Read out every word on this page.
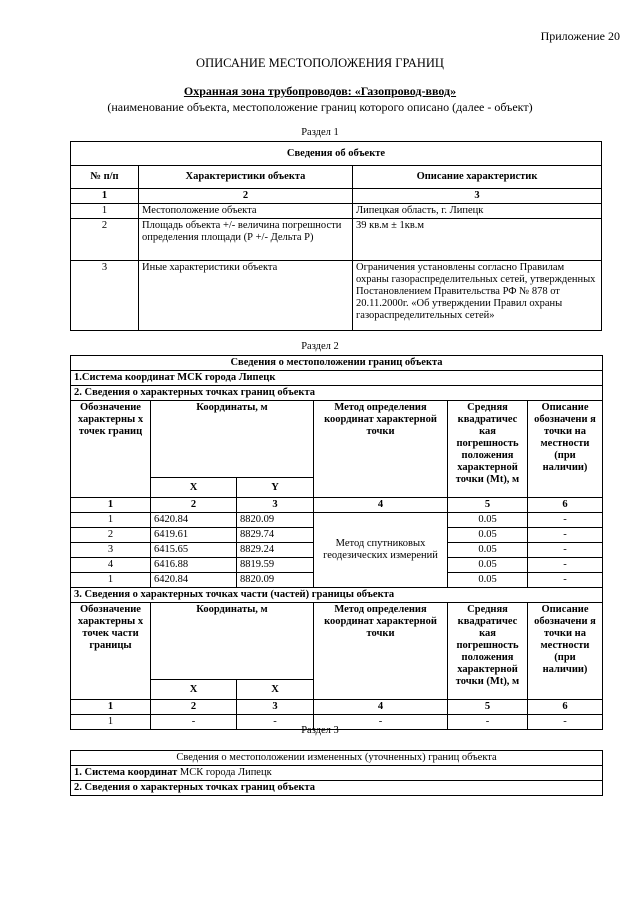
Приложение 20
ОПИСАНИЕ МЕСТОПОЛОЖЕНИЯ ГРАНИЦ
Охранная зона трубопроводов: «Газопровод-ввод»
(наименование объекта, местоположение границ которого описано (далее - объект)
Раздел 1
Сведения об объекте		
№ п/п	Характеристики объекта	Описание характеристик
1	2	3
1	Местоположение объекта	Липецкая область, г. Липецк
2	Площадь объекта +/- величина погрешности определения площади (Р +/- Дельта Р)	39 кв.м ± 1кв.м
3	Иные характеристики объекта	Ограничения установлены согласно Правилам охраны газораспределительных сетей, утвержденных Постановлением Правительства РФ № 878 от 20.11.2000г. «Об утверждении Правил охраны газораспределительных сетей»
Раздел 2
Сведения о местоположении границ объекта					
1.Система координат МСК города Липецк					
2. Сведения о характерных точках границ объекта					
Обозначение характерны х точек границ	Координаты, м		Метод определения координат характерной точки	Средняя квадратичес кая погрешность положения характерной точки (Mt), м	Описание обозначени я точки на местности (при наличии)
	X	Y			
1	2	3	4	5	6
1	6420.84	8820.09	Метод спутниковых геодезических измерений	0.05	-
2	6419.61	8829.74		0.05	-
3	6415.65	8829.24		0.05	-
4	6416.88	8819.59		0.05	-
1	6420.84	8820.09		0.05	-
3. Сведения о характерных точках части (частей) границы объекта					
Обозначение характерны х точек части границы	Координаты, м		Метод определения координат характерной точки	Средняя квадратичес кая погрешность положения характерной точки (Mt), м	Описание обозначени я точки на местности (при наличии)
	X	X			
1	2	3	4	5	6
1	-	-	-	-	-
Раздел 3
Сведения о местоположении измененных (уточненных) границ объекта
1. Система координат МСК города Липецк
2. Сведения о характерных точках границ объекта
